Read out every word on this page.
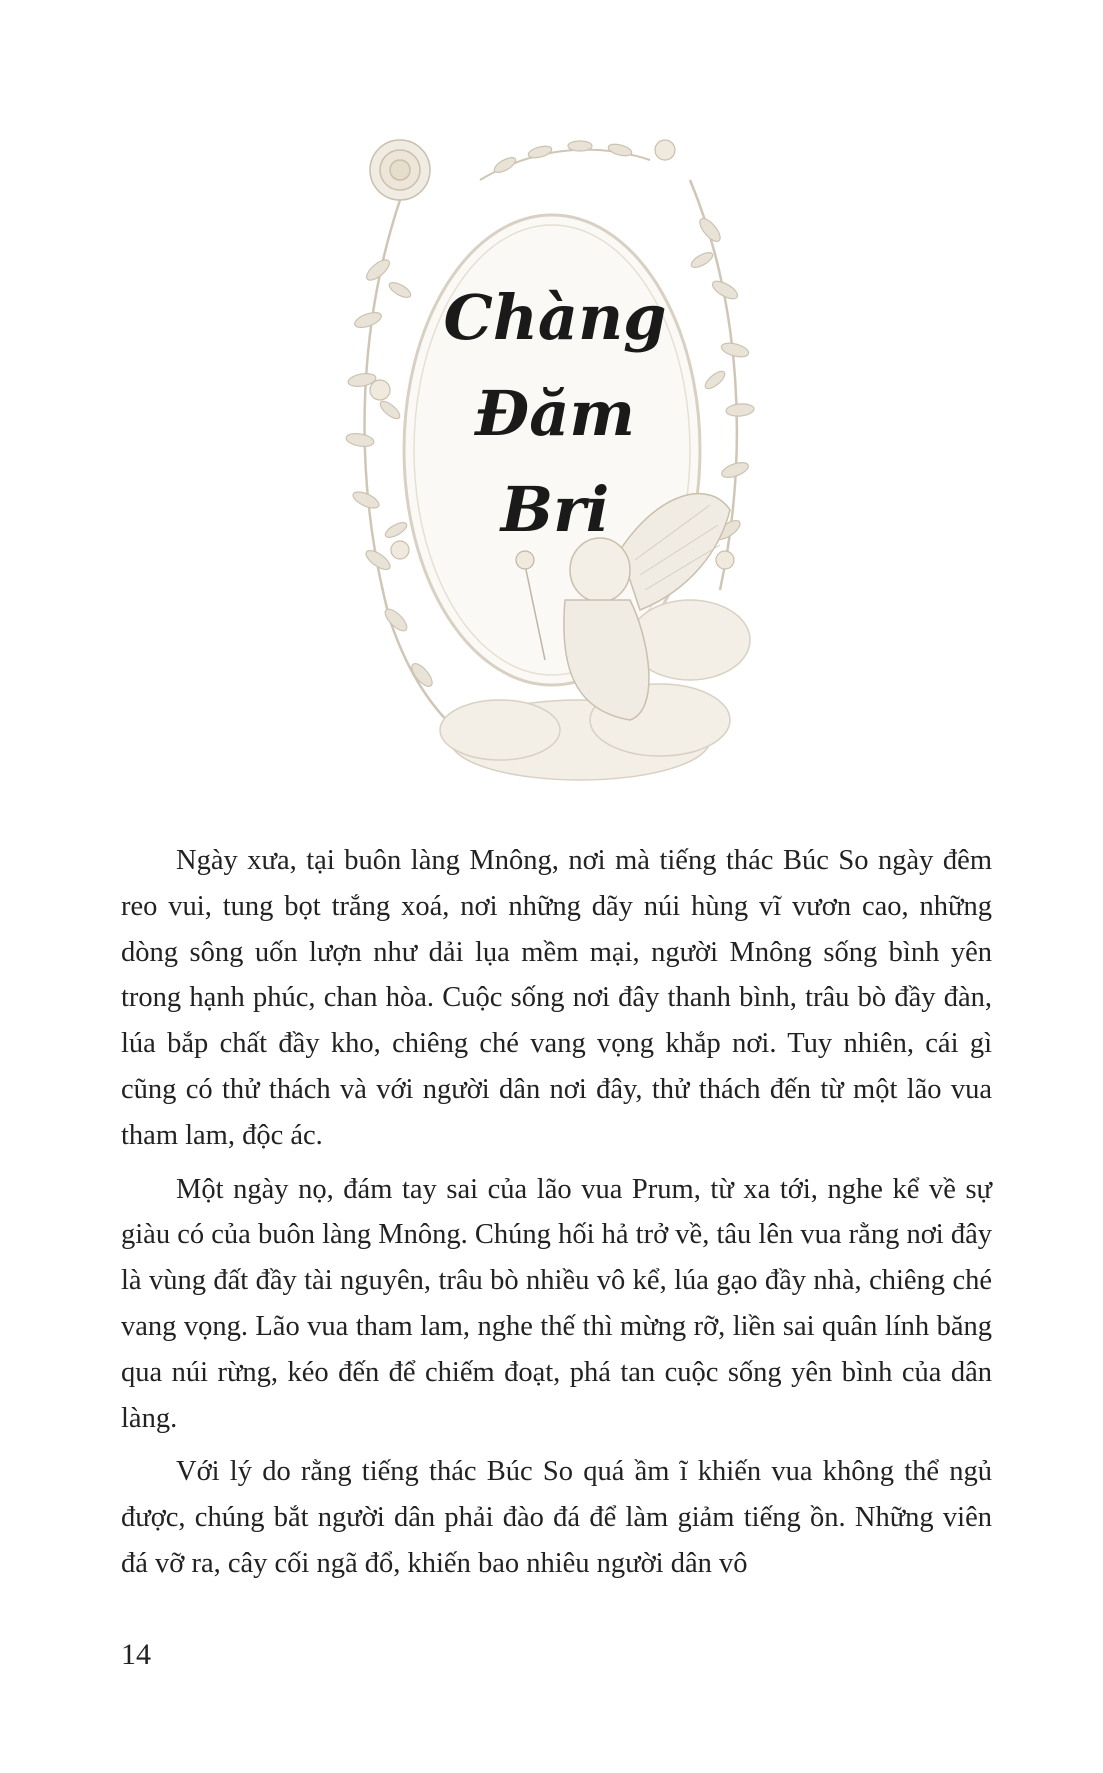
Chàng
Đăm
Bri

Ngày xưa, tại buôn làng Mnông, nơi mà tiếng thác Búc So ngày đêm reo vui, tung bọt trắng xoá, nơi những dãy núi hùng vĩ vươn cao, những dòng sông uốn lượn như dải lụa mềm mại, người Mnông sống bình yên trong hạnh phúc, chan hòa. Cuộc sống nơi đây thanh bình, trâu bò đầy đàn, lúa bắp chất đầy kho, chiêng ché vang vọng khắp nơi. Tuy nhiên, cái gì cũng có thử thách và với người dân nơi đây, thử thách đến từ một lão vua tham lam, độc ác.

Một ngày nọ, đám tay sai của lão vua Prum, từ xa tới, nghe kể về sự giàu có của buôn làng Mnông. Chúng hối hả trở về, tâu lên vua rằng nơi đây là vùng đất đầy tài nguyên, trâu bò nhiều vô kể, lúa gạo đầy nhà, chiêng ché vang vọng. Lão vua tham lam, nghe thế thì mừng rỡ, liền sai quân lính băng qua núi rừng, kéo đến để chiếm đoạt, phá tan cuộc sống yên bình của dân làng.

Với lý do rằng tiếng thác Búc So quá ầm ĩ khiến vua không thể ngủ được, chúng bắt người dân phải đào đá để làm giảm tiếng ồn. Những viên đá vỡ ra, cây cối ngã đổ, khiến bao nhiêu người dân vô

14
